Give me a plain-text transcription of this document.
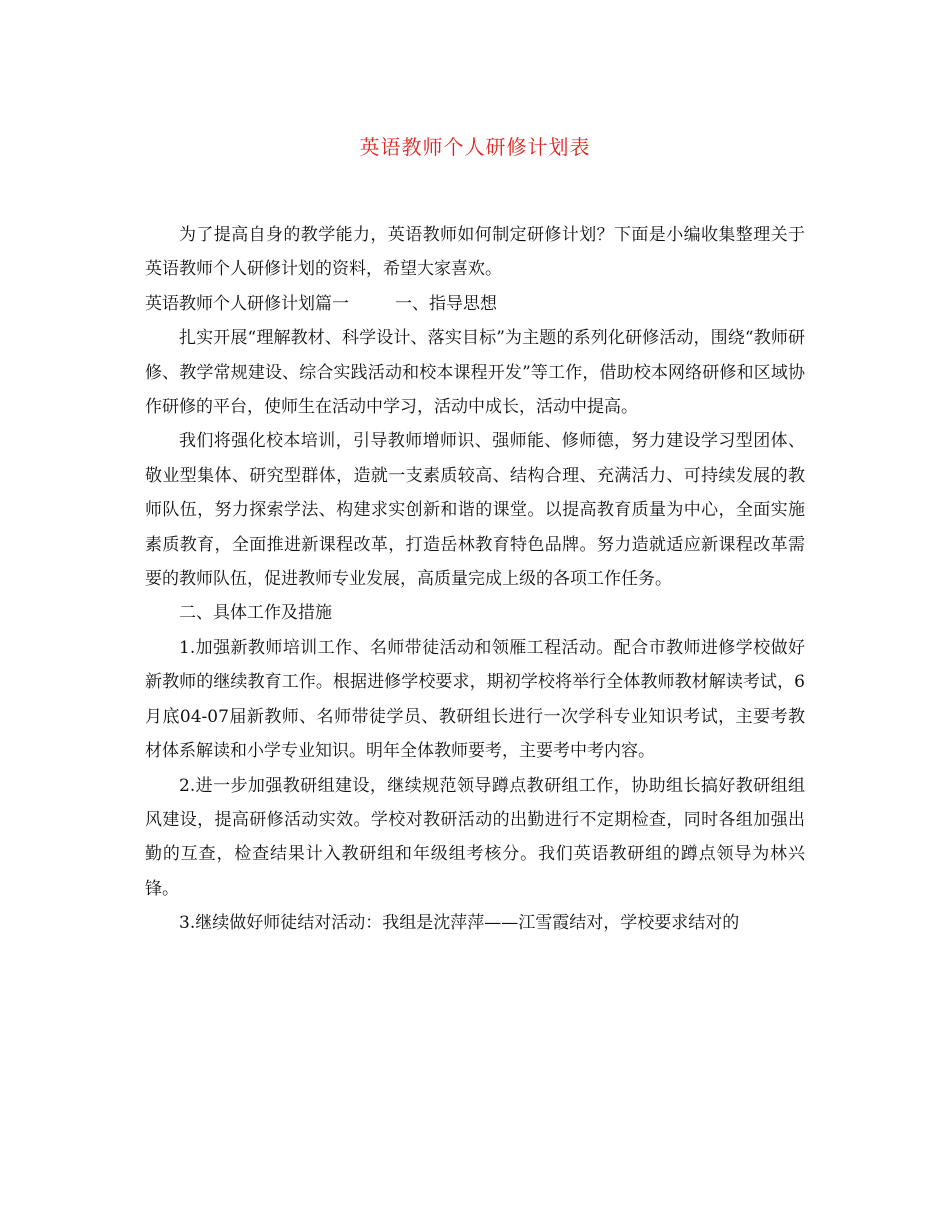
英语教师个人研修计划表

为了提高自身的教学能力，英语教师如何制定研修计划？下面是小编收集整理关于英语教师个人研修计划的资料，希望大家喜欢。

英语教师个人研修计划篇一	一、指导思想

扎实开展“理解教材、科学设计、落实目标”为主题的系列化研修活动，围绕“教师研修、教学常规建设、综合实践活动和校本课程开发”等工作，借助校本网络研修和区域协作研修的平台，使师生在活动中学习，活动中成长，活动中提高。

我们将强化校本培训，引导教师增师识、强师能、修师德，努力建设学习型团体、敬业型集体、研究型群体，造就一支素质较高、结构合理、充满活力、可持续发展的教师队伍，努力探索学法、构建求实创新和谐的课堂。以提高教育质量为中心，全面实施素质教育，全面推进新课程改革，打造岳林教育特色品牌。努力造就适应新课程改革需要的教师队伍，促进教师专业发展，高质量完成上级的各项工作任务。

二、具体工作及措施

1.加强新教师培训工作、名师带徒活动和领雁工程活动。配合市教师进修学校做好新教师的继续教育工作。根据进修学校要求，期初学校将举行全体教师教材解读考试，6月底04-07届新教师、名师带徒学员、教研组长进行一次学科专业知识考试，主要考教材体系解读和小学专业知识。明年全体教师要考，主要考中考内容。

2.进一步加强教研组建设，继续规范领导蹲点教研组工作，协助组长搞好教研组组风建设，提高研修活动实效。学校对教研活动的出勤进行不定期检查，同时各组加强出勤的互查，检查结果计入教研组和年级组考核分。我们英语教研组的蹲点领导为林兴锋。

3.继续做好师徒结对活动：我组是沈萍萍——江雪霞结对，学校要求结对的
